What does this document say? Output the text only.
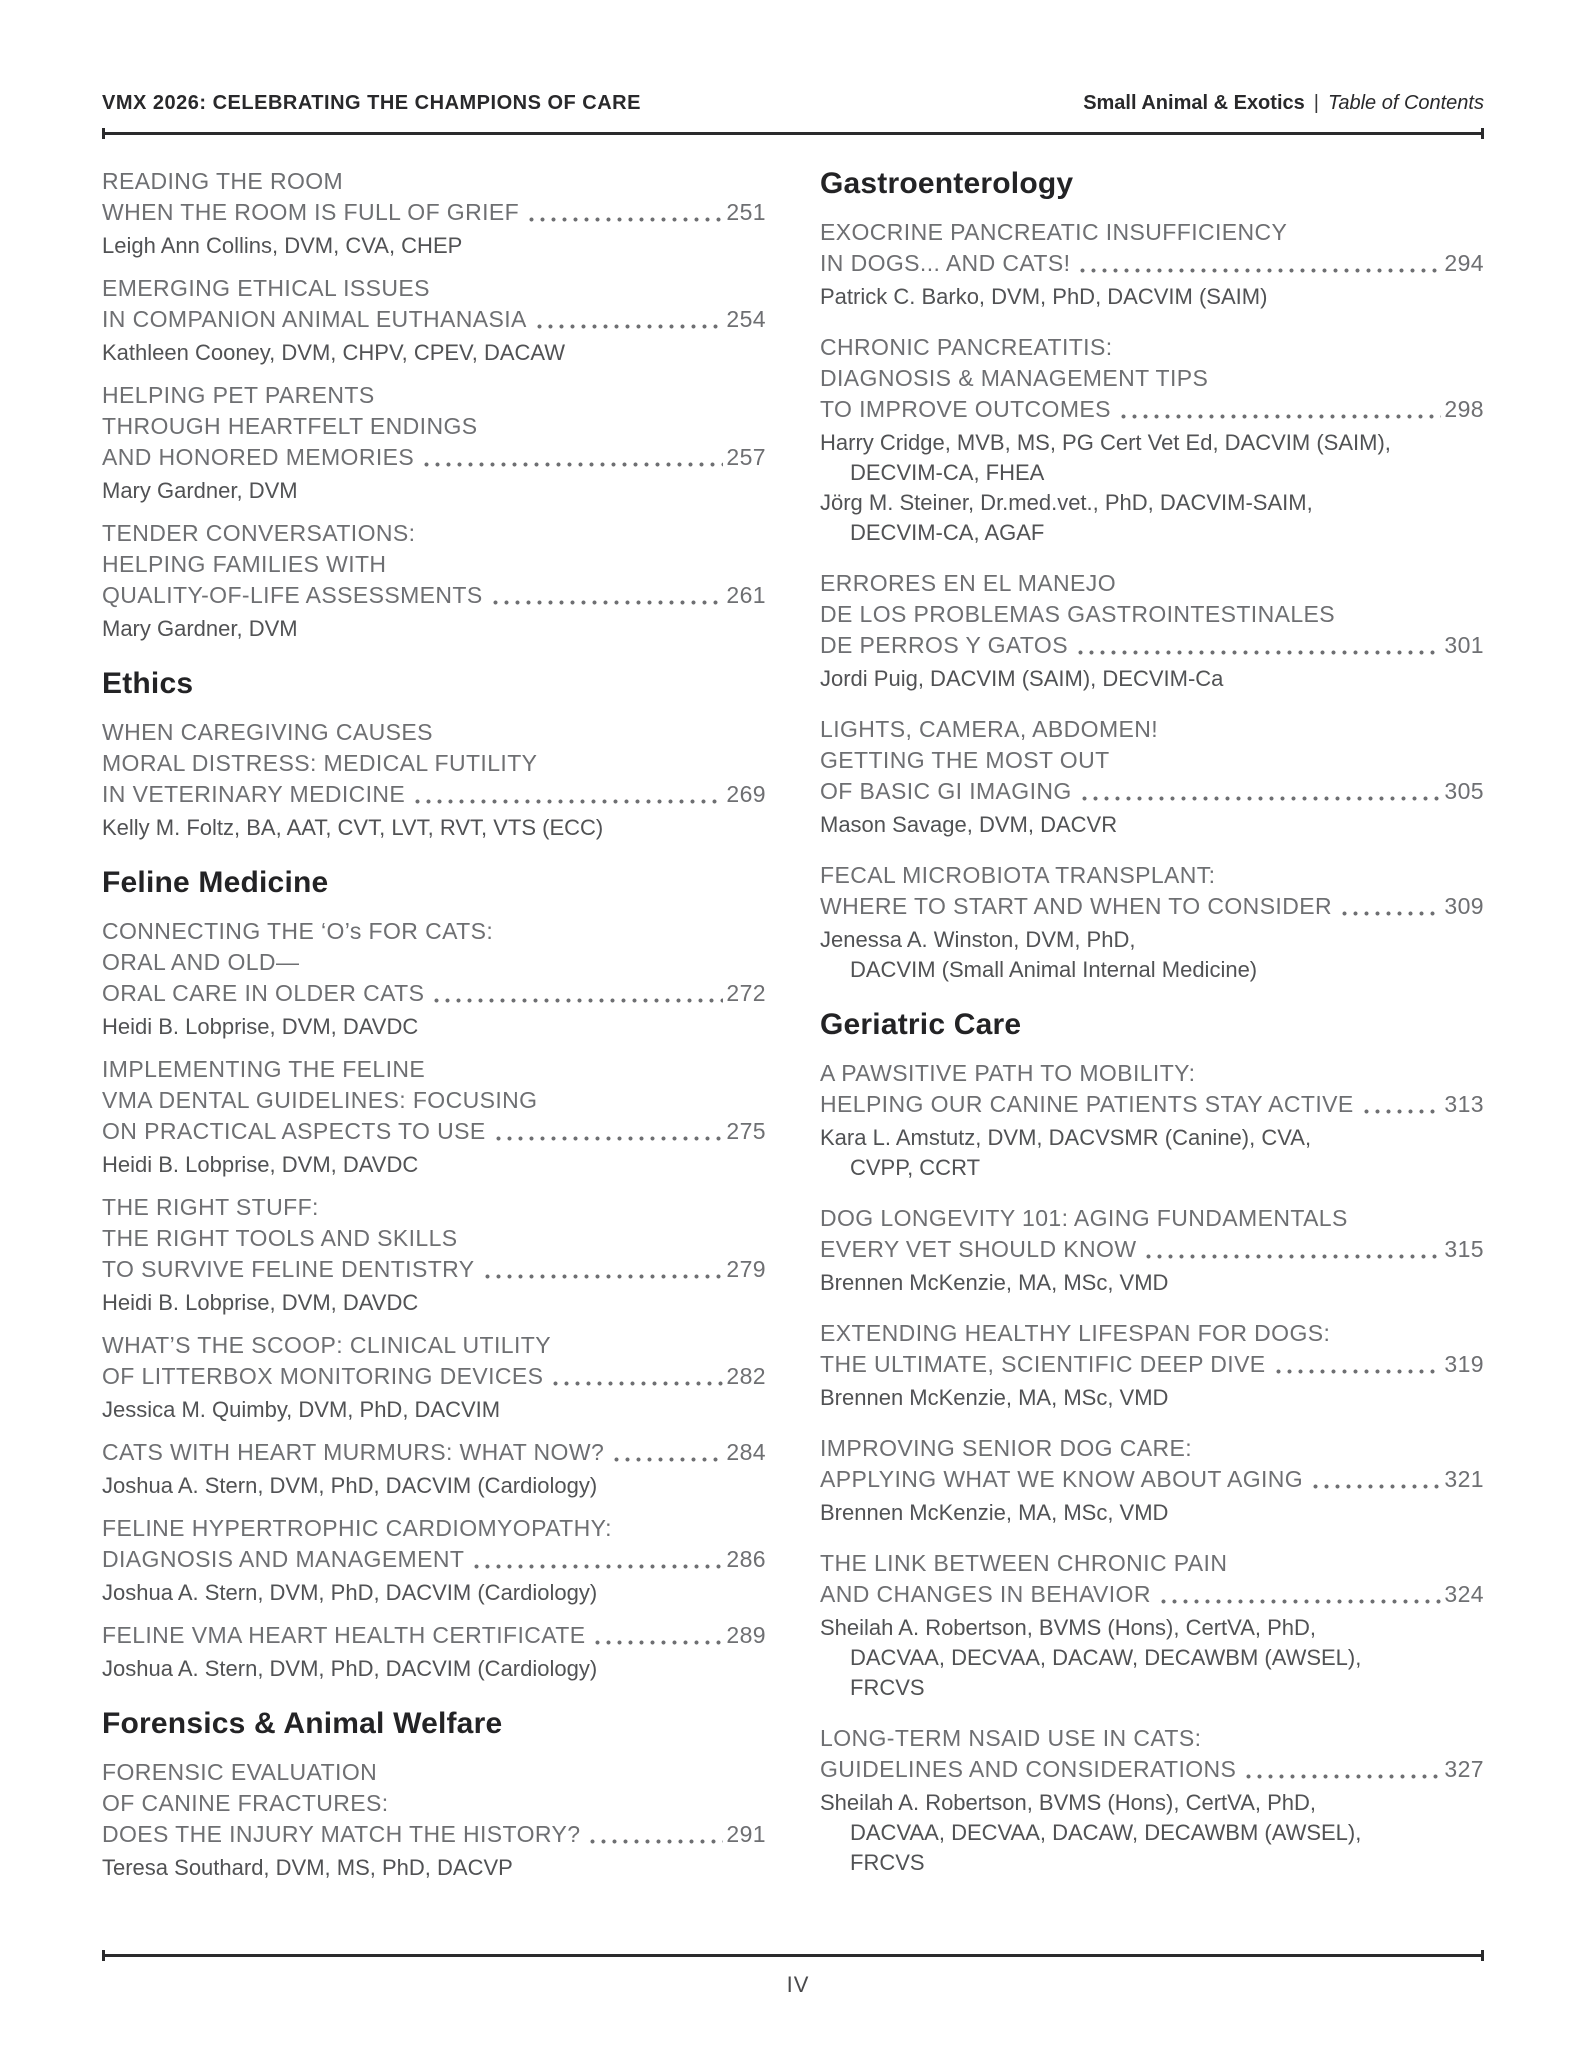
VMX 2026: CELEBRATING THE CHAMPIONS OF CARE	Small Animal & Exotics | Table of Contents
READING THE ROOM
WHEN THE ROOM IS FULL OF GRIEF	251
Leigh Ann Collins, DVM, CVA, CHEP
EMERGING ETHICAL ISSUES
IN COMPANION ANIMAL EUTHANASIA	254
Kathleen Cooney, DVM, CHPV, CPEV, DACAW
HELPING PET PARENTS
THROUGH HEARTFELT ENDINGS
AND HONORED MEMORIES	257
Mary Gardner, DVM
TENDER CONVERSATIONS:
HELPING FAMILIES WITH
QUALITY-OF-LIFE ASSESSMENTS	261
Mary Gardner, DVM
Ethics
WHEN CAREGIVING CAUSES
MORAL DISTRESS: MEDICAL FUTILITY
IN VETERINARY MEDICINE	269
Kelly M. Foltz, BA, AAT, CVT, LVT, RVT, VTS (ECC)
Feline Medicine
CONNECTING THE ‘O’s FOR CATS:
ORAL AND OLD—
ORAL CARE IN OLDER CATS	272
Heidi B. Lobprise, DVM, DAVDC
IMPLEMENTING THE FELINE
VMA DENTAL GUIDELINES: FOCUSING
ON PRACTICAL ASPECTS TO USE	275
Heidi B. Lobprise, DVM, DAVDC
THE RIGHT STUFF:
THE RIGHT TOOLS AND SKILLS
TO SURVIVE FELINE DENTISTRY	279
Heidi B. Lobprise, DVM, DAVDC
WHAT’S THE SCOOP: CLINICAL UTILITY
OF LITTERBOX MONITORING DEVICES	282
Jessica M. Quimby, DVM, PhD, DACVIM
CATS WITH HEART MURMURS: WHAT NOW?	284
Joshua A. Stern, DVM, PhD, DACVIM (Cardiology)
FELINE HYPERTROPHIC CARDIOMYOPATHY:
DIAGNOSIS AND MANAGEMENT	286
Joshua A. Stern, DVM, PhD, DACVIM (Cardiology)
FELINE VMA HEART HEALTH CERTIFICATE	289
Joshua A. Stern, DVM, PhD, DACVIM (Cardiology)
Forensics & Animal Welfare
FORENSIC EVALUATION
OF CANINE FRACTURES:
DOES THE INJURY MATCH THE HISTORY?	291
Teresa Southard, DVM, MS, PhD, DACVP
Gastroenterology
EXOCRINE PANCREATIC INSUFFICIENCY
IN DOGS... AND CATS!	294
Patrick C. Barko, DVM, PhD, DACVIM (SAIM)
CHRONIC PANCREATITIS:
DIAGNOSIS & MANAGEMENT TIPS
TO IMPROVE OUTCOMES	298
Harry Cridge, MVB, MS, PG Cert Vet Ed, DACVIM (SAIM),
DECVIM-CA, FHEA
Jörg M. Steiner, Dr.med.vet., PhD, DACVIM-SAIM,
DECVIM-CA, AGAF
ERRORES EN EL MANEJO
DE LOS PROBLEMAS GASTROINTESTINALES
DE PERROS Y GATOS	301
Jordi Puig, DACVIM (SAIM), DECVIM-Ca
LIGHTS, CAMERA, ABDOMEN!
GETTING THE MOST OUT
OF BASIC GI IMAGING	305
Mason Savage, DVM, DACVR
FECAL MICROBIOTA TRANSPLANT:
WHERE TO START AND WHEN TO CONSIDER	309
Jenessa A. Winston, DVM, PhD,
DACVIM (Small Animal Internal Medicine)
Geriatric Care
A PAWSITIVE PATH TO MOBILITY:
HELPING OUR CANINE PATIENTS STAY ACTIVE	313
Kara L. Amstutz, DVM, DACVSMR (Canine), CVA,
CVPP, CCRT
DOG LONGEVITY 101: AGING FUNDAMENTALS
EVERY VET SHOULD KNOW	315
Brennen McKenzie, MA, MSc, VMD
EXTENDING HEALTHY LIFESPAN FOR DOGS:
THE ULTIMATE, SCIENTIFIC DEEP DIVE	319
Brennen McKenzie, MA, MSc, VMD
IMPROVING SENIOR DOG CARE:
APPLYING WHAT WE KNOW ABOUT AGING	321
Brennen McKenzie, MA, MSc, VMD
THE LINK BETWEEN CHRONIC PAIN
AND CHANGES IN BEHAVIOR	324
Sheilah A. Robertson, BVMS (Hons), CertVA, PhD,
DACVAA, DECVAA, DACAW, DECAWBM (AWSEL),
FRCVS
LONG-TERM NSAID USE IN CATS:
GUIDELINES AND CONSIDERATIONS	327
Sheilah A. Robertson, BVMS (Hons), CertVA, PhD,
DACVAA, DECVAA, DACAW, DECAWBM (AWSEL),
FRCVS
IV
